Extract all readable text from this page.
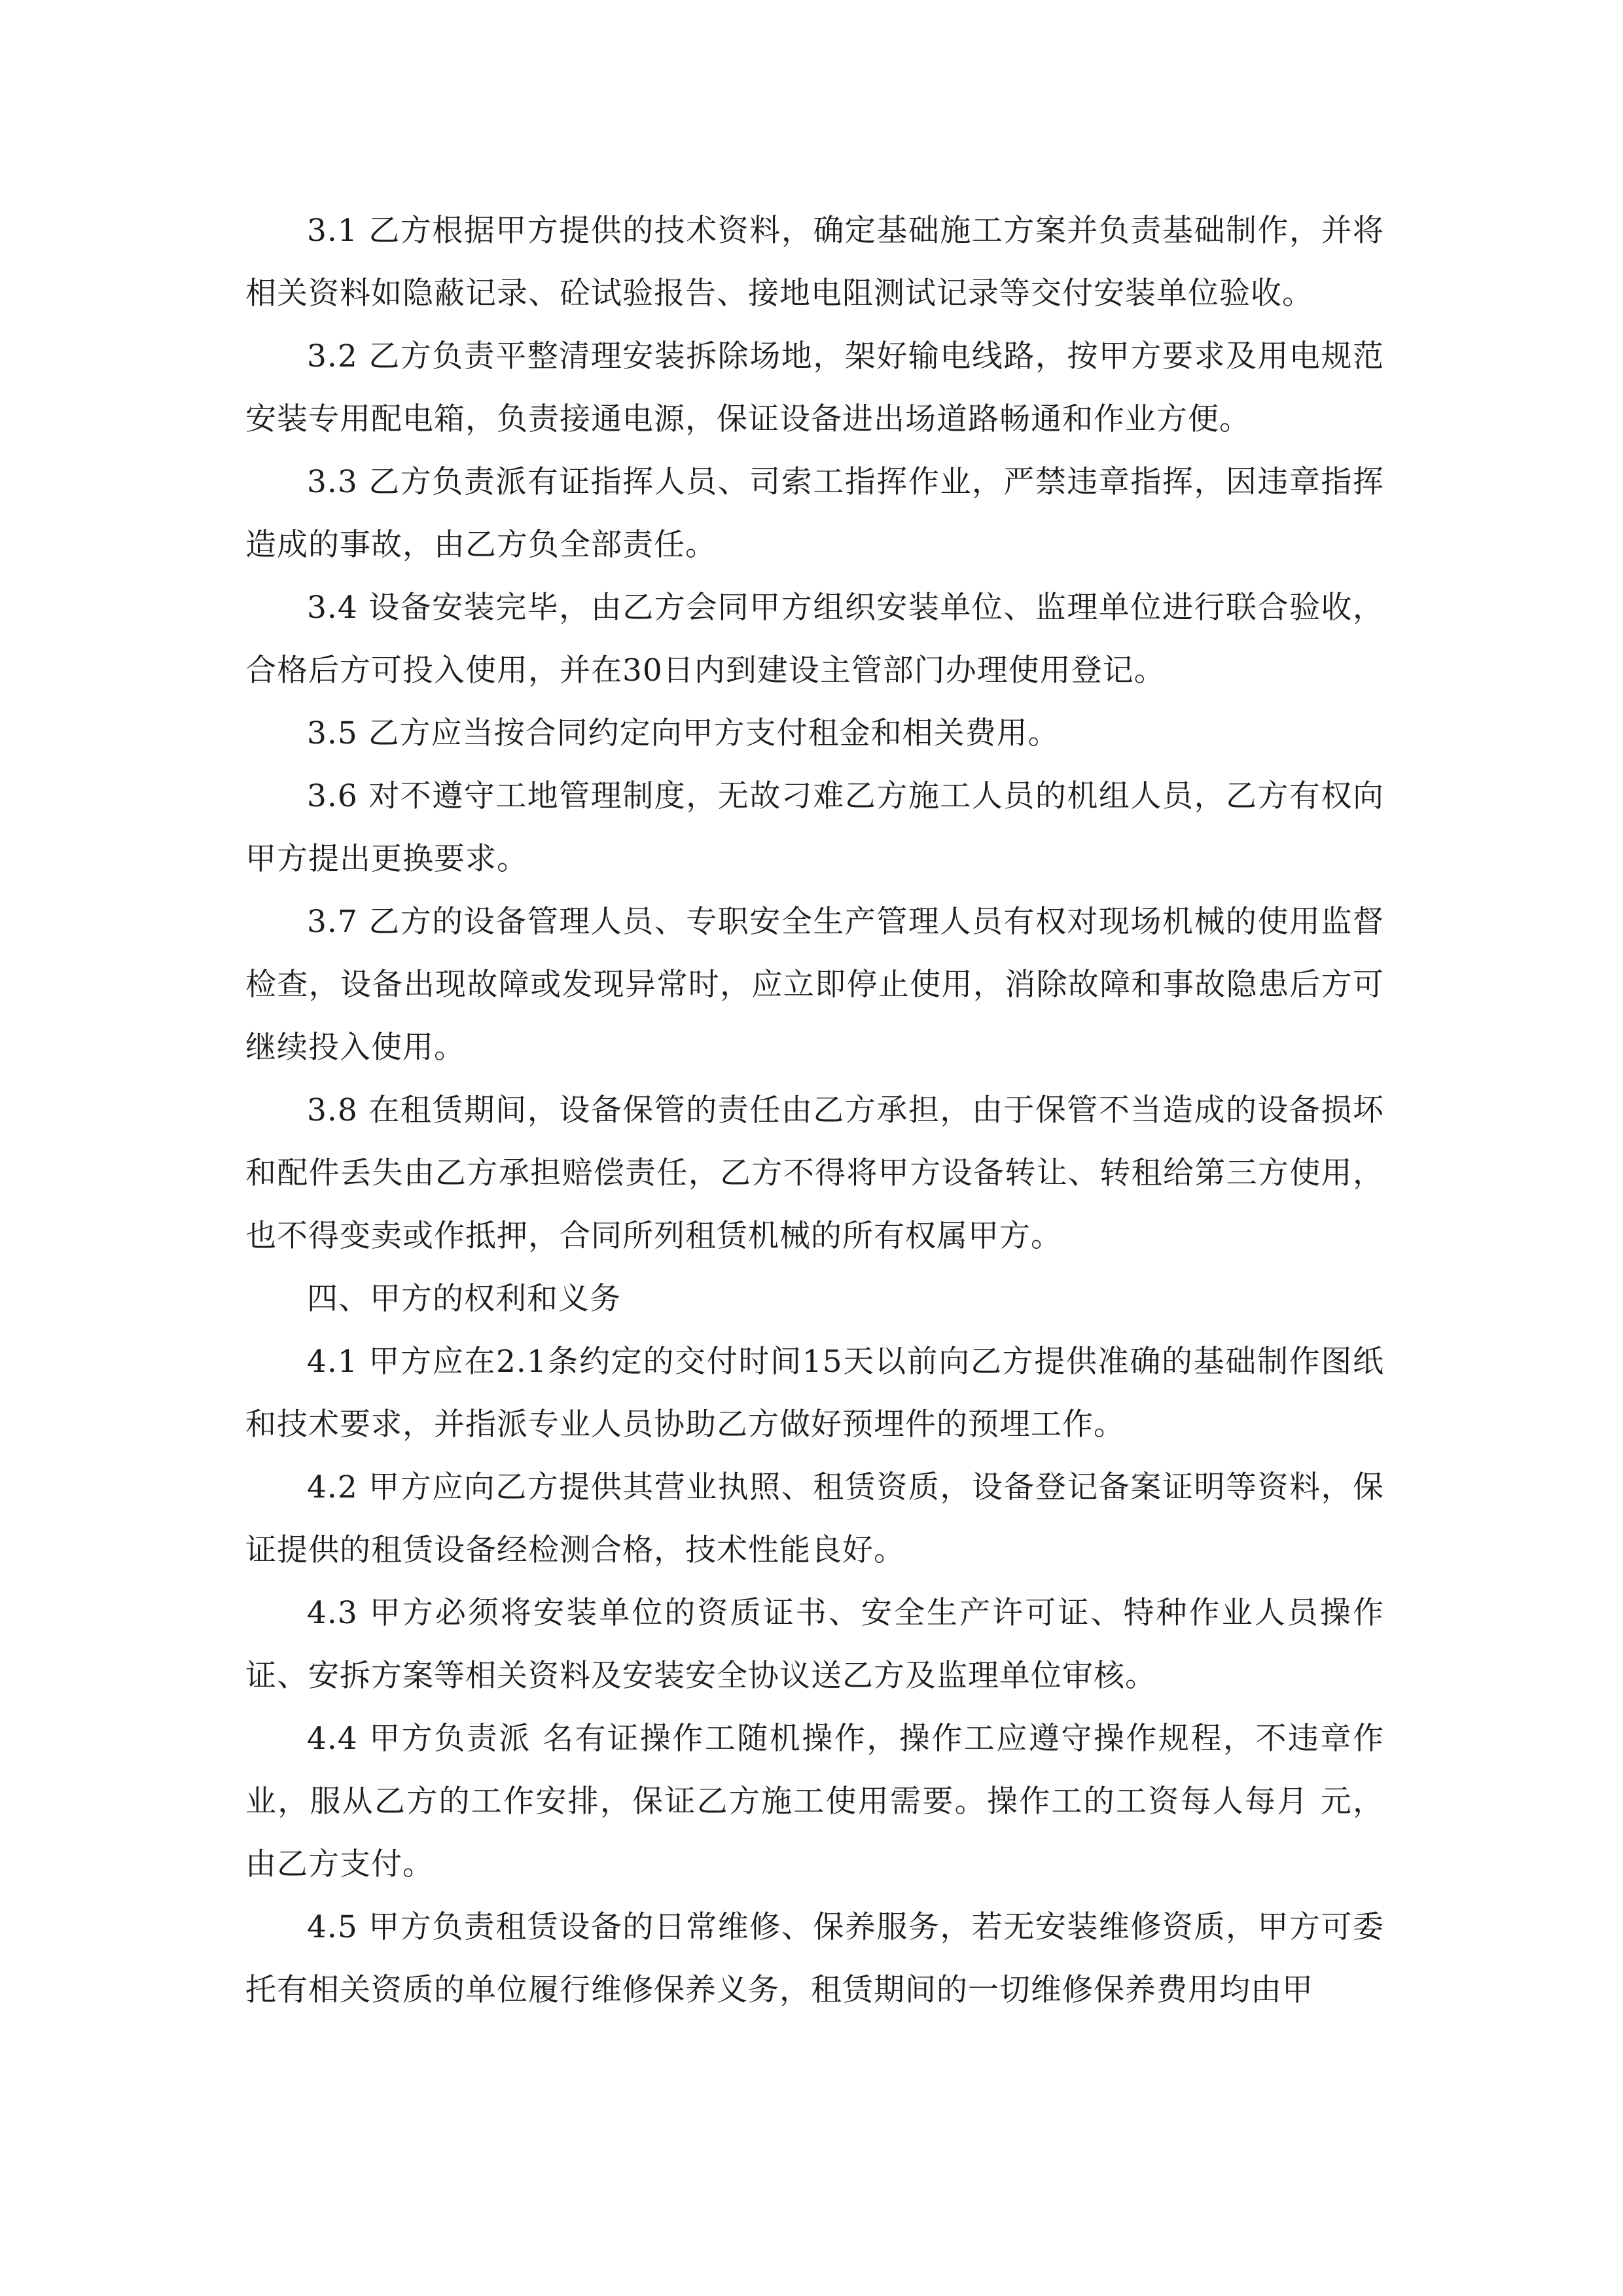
3.1 乙方根据甲方提供的技术资料，确定基础施工方案并负责基础制作，并将相关资料如隐蔽记录、砼试验报告、接地电阻测试记录等交付安装单位验收。

3.2 乙方负责平整清理安装拆除场地，架好输电线路，按甲方要求及用电规范安装专用配电箱，负责接通电源，保证设备进出场道路畅通和作业方便。

3.3 乙方负责派有证指挥人员、司索工指挥作业，严禁违章指挥，因违章指挥造成的事故，由乙方负全部责任。

3.4 设备安装完毕，由乙方会同甲方组织安装单位、监理单位进行联合验收，合格后方可投入使用，并在30日内到建设主管部门办理使用登记。

3.5 乙方应当按合同约定向甲方支付租金和相关费用。

3.6 对不遵守工地管理制度，无故刁难乙方施工人员的机组人员，乙方有权向甲方提出更换要求。

3.7 乙方的设备管理人员、专职安全生产管理人员有权对现场机械的使用监督检查，设备出现故障或发现异常时，应立即停止使用，消除故障和事故隐患后方可继续投入使用。

3.8 在租赁期间，设备保管的责任由乙方承担，由于保管不当造成的设备损坏和配件丢失由乙方承担赔偿责任，乙方不得将甲方设备转让、转租给第三方使用，也不得变卖或作抵押，合同所列租赁机械的所有权属甲方。

四、甲方的权利和义务

4.1 甲方应在2.1条约定的交付时间15天以前向乙方提供准确的基础制作图纸和技术要求，并指派专业人员协助乙方做好预埋件的预埋工作。

4.2 甲方应向乙方提供其营业执照、租赁资质，设备登记备案证明等资料，保证提供的租赁设备经检测合格，技术性能良好。

4.3 甲方必须将安装单位的资质证书、安全生产许可证、特种作业人员操作证、安拆方案等相关资料及安装安全协议送乙方及监理单位审核。

4.4 甲方负责派 名有证操作工随机操作，操作工应遵守操作规程，不违章作业，服从乙方的工作安排，保证乙方施工使用需要。操作工的工资每人每月 元，由乙方支付。

4.5 甲方负责租赁设备的日常维修、保养服务，若无安装维修资质，甲方可委托有相关资质的单位履行维修保养义务，租赁期间的一切维修保养费用均由甲
